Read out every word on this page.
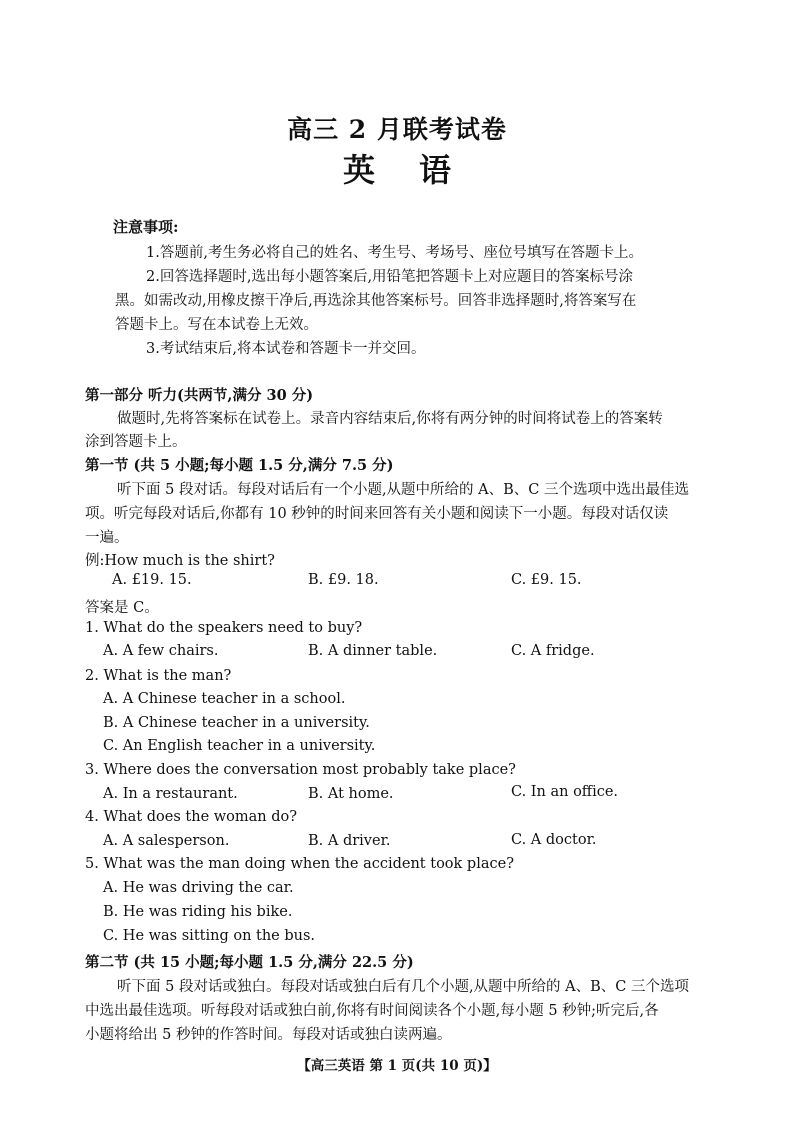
高三 2 月联考试卷
英语
注意事项:
1.答题前,考生务必将自己的姓名、考生号、考场号、座位号填写在答题卡上。
2.回答选择题时,选出每小题答案后,用铅笔把答题卡上对应题目的答案标号涂
黑。如需改动,用橡皮擦干净后,再选涂其他答案标号。回答非选择题时,将答案写在
答题卡上。写在本试卷上无效。
3.考试结束后,将本试卷和答题卡一并交回。
第一部分 听力(共两节,满分 30 分)
做题时,先将答案标在试卷上。录音内容结束后,你将有两分钟的时间将试卷上的答案转
涂到答题卡上。
第一节 (共 5 小题;每小题 1.5 分,满分 7.5 分)
听下面 5 段对话。每段对话后有一个小题,从题中所给的 A、B、C 三个选项中选出最佳选
项。听完每段对话后,你都有 10 秒钟的时间来回答有关小题和阅读下一小题。每段对话仅读
一遍。
例:How much is the shirt?
A. £19. 15.	B. £9. 18.	C. £9. 15.
答案是 C。
1. What do the speakers need to buy?
A. A few chairs.	B. A dinner table.	C. A fridge.
2. What is the man?
A. A Chinese teacher in a school.
B. A Chinese teacher in a university.
C. An English teacher in a university.
3. Where does the conversation most probably take place?
A. In a restaurant.	B. At home.	C. In an office.
4. What does the woman do?
A. A salesperson.	B. A driver.	C. A doctor.
5. What was the man doing when the accident took place?
A. He was driving the car.
B. He was riding his bike.
C. He was sitting on the bus.
第二节 (共 15 小题;每小题 1.5 分,满分 22.5 分)
听下面 5 段对话或独白。每段对话或独白后有几个小题,从题中所给的 A、B、C 三个选项
中选出最佳选项。听每段对话或独白前,你将有时间阅读各个小题,每小题 5 秒钟;听完后,各
小题将给出 5 秒钟的作答时间。每段对话或独白读两遍。
【高三英语 第 1 页(共 10 页)】
